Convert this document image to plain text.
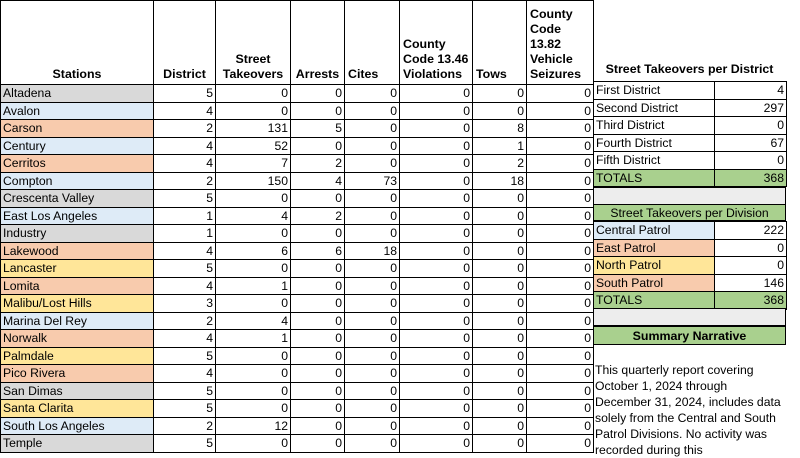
Stations	District	Street Takeovers	Arrests	Cites	County Code 13.46 Violations	Tows	County Code 13.82 Vehicle Seizures
Altadena	5	0	0	0	0	0	0
Avalon	4	0	0	0	0	0	0
Carson	2	131	5	0	0	8	0
Century	4	52	0	0	0	1	0
Cerritos	4	7	2	0	0	2	0
Compton	2	150	4	73	0	18	0
Crescenta Valley	5	0	0	0	0	0	0
East Los Angeles	1	4	2	0	0	0	0
Industry	1	0	0	0	0	0	0
Lakewood	4	6	6	18	0	0	0
Lancaster	5	0	0	0	0	0	0
Lomita	4	1	0	0	0	0	0
Malibu/Lost Hills	3	0	0	0	0	0	0
Marina Del Rey	2	4	0	0	0	0	0
Norwalk	4	1	0	0	0	0	0
Palmdale	5	0	0	0	0	0	0
Pico Rivera	4	0	0	0	0	0	0
San Dimas	5	0	0	0	0	0	0
Santa Clarita	5	0	0	0	0	0	0
South Los Angeles	2	12	0	0	0	0	0
Temple	5	0	0	0	0	0	0
Street Takeovers per District
First District	4
Second District	297
Third District	0
Fourth District	67
Fifth District	0
TOTALS	368
Street Takeovers per Division
Central Patrol	222
East Patrol	0
North Patrol	0
South Patrol	146
TOTALS	368
Summary Narrative
This quarterly report covering October 1, 2024 through December 31, 2024, includes data solely from the Central and South Patrol Divisions. No activity was recorded during this
